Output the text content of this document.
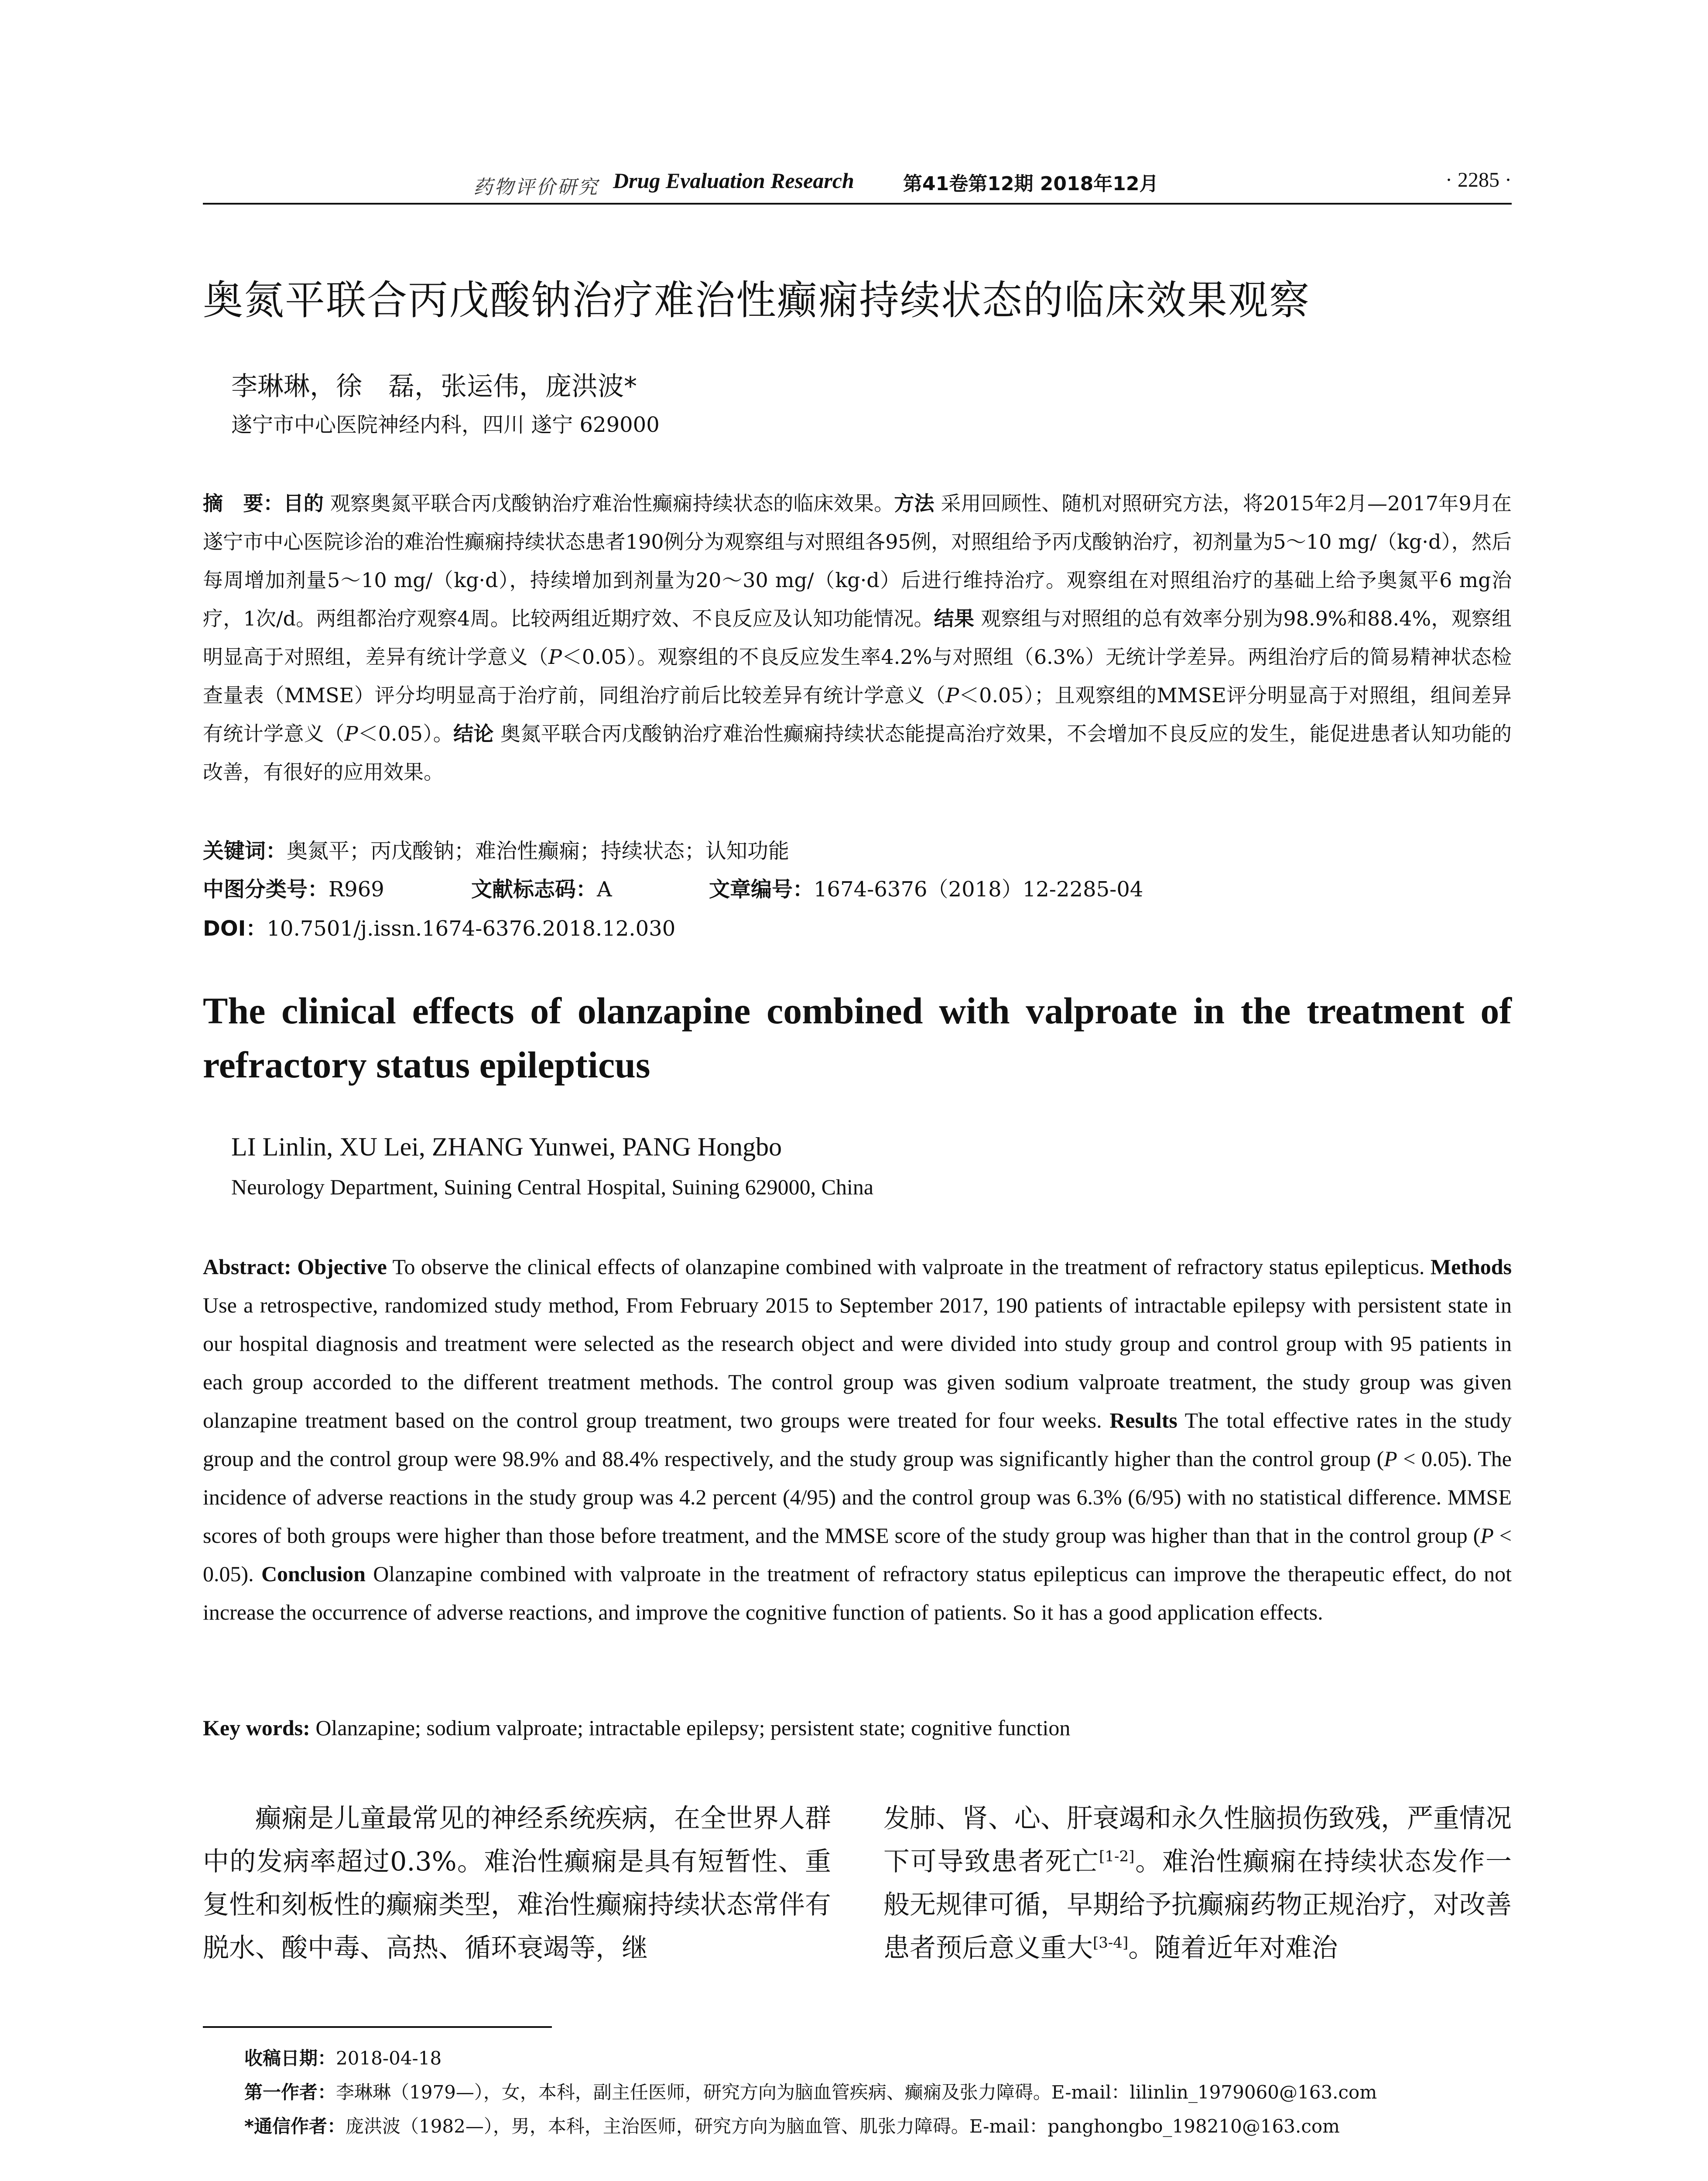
药物评价研究 Drug Evaluation Research	第41卷第12期 2018年12月	· 2285 ·
奥氮平联合丙戊酸钠治疗难治性癫痫持续状态的临床效果观察
李琳琳，徐　磊，张运伟，庞洪波*
遂宁市中心医院神经内科，四川 遂宁 629000
摘　要：目的 观察奥氮平联合丙戊酸钠治疗难治性癫痫持续状态的临床效果。方法 采用回顾性、随机对照研究方法，将2015年2月—2017年9月在遂宁市中心医院诊治的难治性癫痫持续状态患者190例分为观察组与对照组各95例，对照组给予丙戊酸钠治疗，初剂量为5～10 mg/（kg·d），然后每周增加剂量5～10 mg/（kg·d），持续增加到剂量为20～30 mg/（kg·d）后进行维持治疗。观察组在对照组治疗的基础上给予奥氮平6 mg治疗，1次/d。两组都治疗观察4周。比较两组近期疗效、不良反应及认知功能情况。结果 观察组与对照组的总有效率分别为98.9%和88.4%，观察组明显高于对照组，差异有统计学意义（P＜0.05）。观察组的不良反应发生率4.2%与对照组（6.3%）无统计学差异。两组治疗后的简易精神状态检查量表（MMSE）评分均明显高于治疗前，同组治疗前后比较差异有统计学意义（P＜0.05）；且观察组的MMSE评分明显高于对照组，组间差异有统计学意义（P＜0.05）。结论 奥氮平联合丙戊酸钠治疗难治性癫痫持续状态能提高治疗效果，不会增加不良反应的发生，能促进患者认知功能的改善，有很好的应用效果。
关键词：奥氮平；丙戊酸钠；难治性癫痫；持续状态；认知功能
中图分类号：R969	文献标志码：A	文章编号：1674-6376（2018）12-2285-04
DOI：10.7501/j.issn.1674-6376.2018.12.030
The clinical effects of olanzapine combined with valproate in the treatment of refractory status epilepticus
LI Linlin, XU Lei, ZHANG Yunwei, PANG Hongbo
Neurology Department, Suining Central Hospital, Suining 629000, China
Abstract: Objective To observe the clinical effects of olanzapine combined with valproate in the treatment of refractory status epilepticus. Methods Use a retrospective, randomized study method, From February 2015 to September 2017, 190 patients of intractable epilepsy with persistent state in our hospital diagnosis and treatment were selected as the research object and were divided into study group and control group with 95 patients in each group accorded to the different treatment methods. The control group was given sodium valproate treatment, the study group was given olanzapine treatment based on the control group treatment, two groups were treated for four weeks. Results The total effective rates in the study group and the control group were 98.9% and 88.4% respectively, and the study group was significantly higher than the control group (P < 0.05). The incidence of adverse reactions in the study group was 4.2 percent (4/95) and the control group was 6.3% (6/95) with no statistical difference. MMSE scores of both groups were higher than those before treatment, and the MMSE score of the study group was higher than that in the control group (P < 0.05). Conclusion Olanzapine combined with valproate in the treatment of refractory status epilepticus can improve the therapeutic effect, do not increase the occurrence of adverse reactions, and improve the cognitive function of patients. So it has a good application effects.
Key words: Olanzapine; sodium valproate; intractable epilepsy; persistent state; cognitive function
癫痫是儿童最常见的神经系统疾病，在全世界人群中的发病率超过0.3%。难治性癫痫是具有短暂性、重复性和刻板性的癫痫类型，难治性癫痫持续状态常伴有脱水、酸中毒、高热、循环衰竭等，继
发肺、肾、心、肝衰竭和永久性脑损伤致残，严重情况下可导致患者死亡[1-2]。难治性癫痫在持续状态发作一般无规律可循，早期给予抗癫痫药物正规治疗，对改善患者预后意义重大[3-4]。随着近年对难治
收稿日期：2018-04-18
第一作者：李琳琳（1979—），女，本科，副主任医师，研究方向为脑血管疾病、癫痫及张力障碍。E-mail：lilinlin_1979060@163.com
*通信作者：庞洪波（1982—），男，本科，主治医师，研究方向为脑血管、肌张力障碍。E-mail：panghongbo_198210@163.com
